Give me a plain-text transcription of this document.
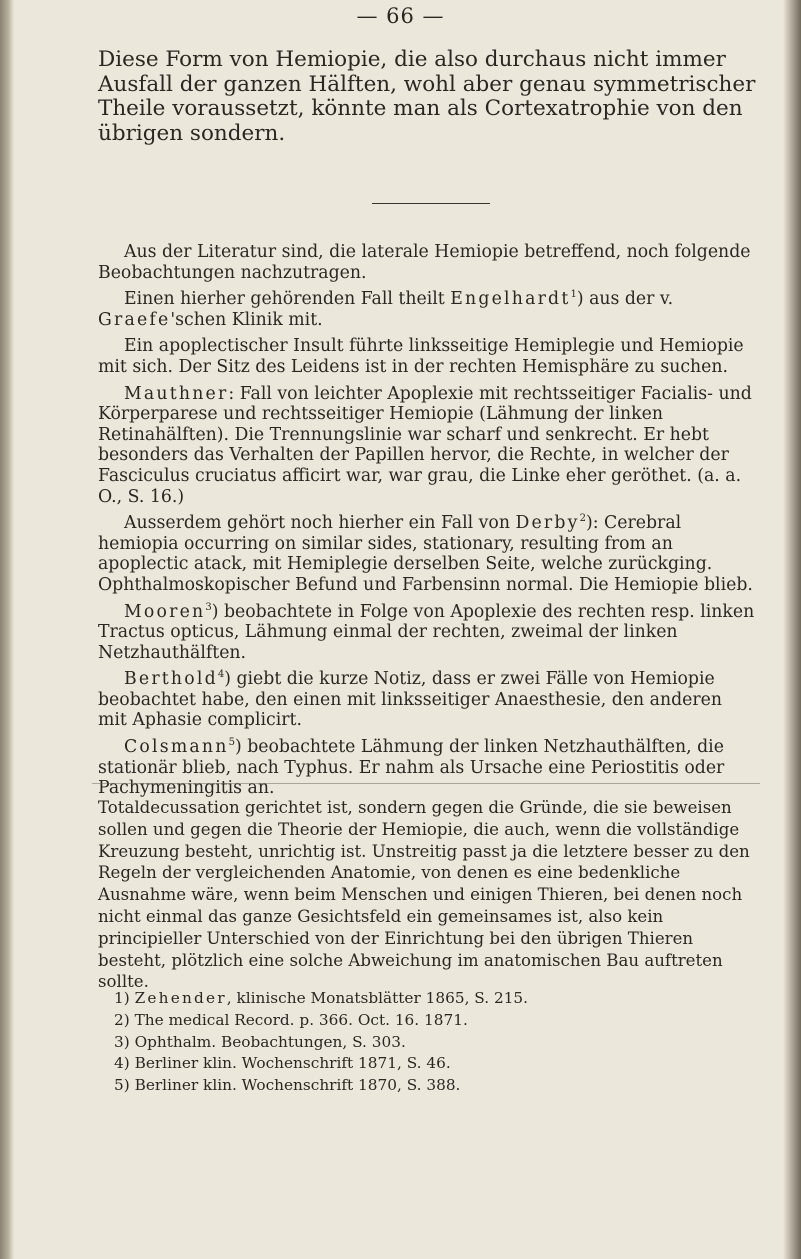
— 66 —

Diese Form von Hemiopie, die also durchaus nicht immer Ausfall der ganzen Hälften, wohl aber genau symmetrischer Theile voraussetzt, könnte man als Cortexatrophie von den übrigen sondern.

Aus der Literatur sind, die laterale Hemiopie betreffend, noch folgende Beobachtungen nachzutragen.

Einen hierher gehörenden Fall theilt Engelhardt$^1$) aus der v. Graefe'schen Klinik mit.

Ein apoplectischer Insult führte linksseitige Hemiplegie und Hemiopie mit sich. Der Sitz des Leidens ist in der rechten Hemisphäre zu suchen.

Mauthner: Fall von leichter Apoplexie mit rechtsseitiger Facialis- und Körperparese und rechtsseitiger Hemiopie (Lähmung der linken Retinahälften). Die Trennungslinie war scharf und senkrecht. Er hebt besonders das Verhalten der Papillen hervor, die Rechte, in welcher der Fasciculus cruciatus afficirt war, war grau, die Linke eher geröthet. (a. a. O., S. 16.)

Ausserdem gehört noch hierher ein Fall von Derby$^2$): Cerebral hemiopia occurring on similar sides, stationary, resulting from an apoplectic atack, mit Hemiplegie derselben Seite, welche zurückging. Ophthalmoskopischer Befund und Farbensinn normal. Die Hemiopie blieb.

Mooren$^3$) beobachtete in Folge von Apoplexie des rechten resp. linken Tractus opticus, Lähmung einmal der rechten, zweimal der linken Netzhauthälften.

Berthold$^4$) giebt die kurze Notiz, dass er zwei Fälle von Hemiopie beobachtet habe, den einen mit linksseitiger Anaesthesie, den anderen mit Aphasie complicirt.

Colsmann$^5$) beobachtete Lähmung der linken Netzhauthälften, die stationär blieb, nach Typhus. Er nahm als Ursache eine Periostitis oder Pachymeningitis an.

Totaldecussation gerichtet ist, sondern gegen die Gründe, die sie beweisen sollen und gegen die Theorie der Hemiopie, die auch, wenn die vollständige Kreuzung besteht, unrichtig ist. Unstreitig passt ja die letztere besser zu den Regeln der vergleichenden Anatomie, von denen es eine bedenkliche Ausnahme wäre, wenn beim Menschen und einigen Thieren, bei denen noch nicht einmal das ganze Gesichtsfeld ein gemeinsames ist, also kein principieller Unterschied von der Einrichtung bei den übrigen Thieren besteht, plötzlich eine solche Abweichung im anatomischen Bau auftreten sollte.

1) Zehender, klinische Monatsblätter 1865, S. 215.
2) The medical Record. p. 366. Oct. 16. 1871.
3) Ophthalm. Beobachtungen, S. 303.
4) Berliner klin. Wochenschrift 1871, S. 46.
5) Berliner klin. Wochenschrift 1870, S. 388.
